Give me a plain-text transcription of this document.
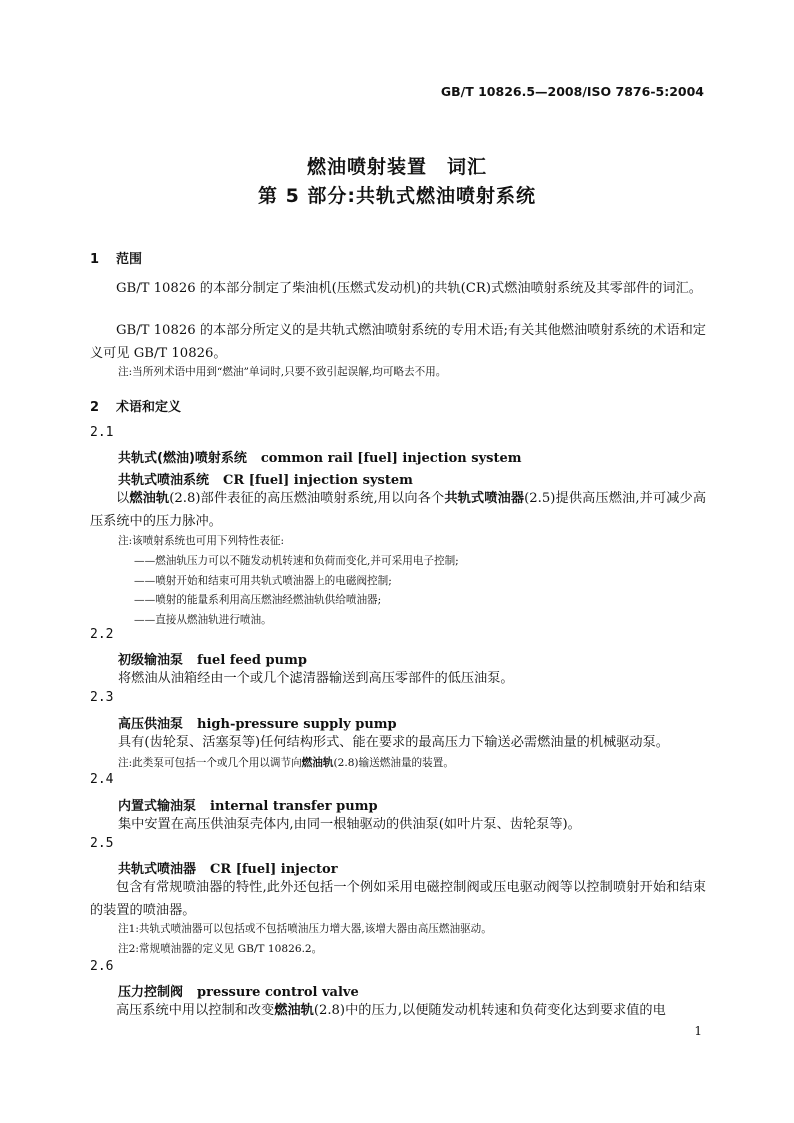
GB/T 10826.5—2008/ISO 7876-5:2004
燃油喷射装置　词汇
第 5 部分:共轨式燃油喷射系统
1 范围
GB/T 10826 的本部分制定了柴油机(压燃式发动机)的共轨(CR)式燃油喷射系统及其零部件的词汇。
GB/T 10826 的本部分所定义的是共轨式燃油喷射系统的专用术语;有关其他燃油喷射系统的术语和定义可见 GB/T 10826。
注:当所列术语中用到“燃油”单词时,只要不致引起误解,均可略去不用。
2 术语和定义
2.1
共轨式(燃油)喷射系统 common rail [fuel] injection system
共轨式喷油系统 CR [fuel] injection system
以燃油轨(2.8)部件表征的高压燃油喷射系统,用以向各个共轨式喷油器(2.5)提供高压燃油,并可减少高压系统中的压力脉冲。
注:该喷射系统也可用下列特性表征:
——燃油轨压力可以不随发动机转速和负荷而变化,并可采用电子控制;
——喷射开始和结束可用共轨式喷油器上的电磁阀控制;
——喷射的能量系利用高压燃油经燃油轨供给喷油器;
——直接从燃油轨进行喷油。
2.2
初级输油泵 fuel feed pump
将燃油从油箱经由一个或几个滤清器输送到高压零部件的低压油泵。
2.3
高压供油泵 high-pressure supply pump
具有(齿轮泵、活塞泵等)任何结构形式、能在要求的最高压力下输送必需燃油量的机械驱动泵。
注:此类泵可包括一个或几个用以调节向燃油轨(2.8)输送燃油量的装置。
2.4
内置式输油泵 internal transfer pump
集中安置在高压供油泵壳体内,由同一根轴驱动的供油泵(如叶片泵、齿轮泵等)。
2.5
共轨式喷油器 CR [fuel] injector
包含有常规喷油器的特性,此外还包括一个例如采用电磁控制阀或压电驱动阀等以控制喷射开始和结束的装置的喷油器。
注1:共轨式喷油器可以包括或不包括喷油压力增大器,该增大器由高压燃油驱动。
注2:常规喷油器的定义见 GB/T 10826.2。
2.6
压力控制阀 pressure control valve
高压系统中用以控制和改变燃油轨(2.8)中的压力,以便随发动机转速和负荷变化达到要求值的电
1
